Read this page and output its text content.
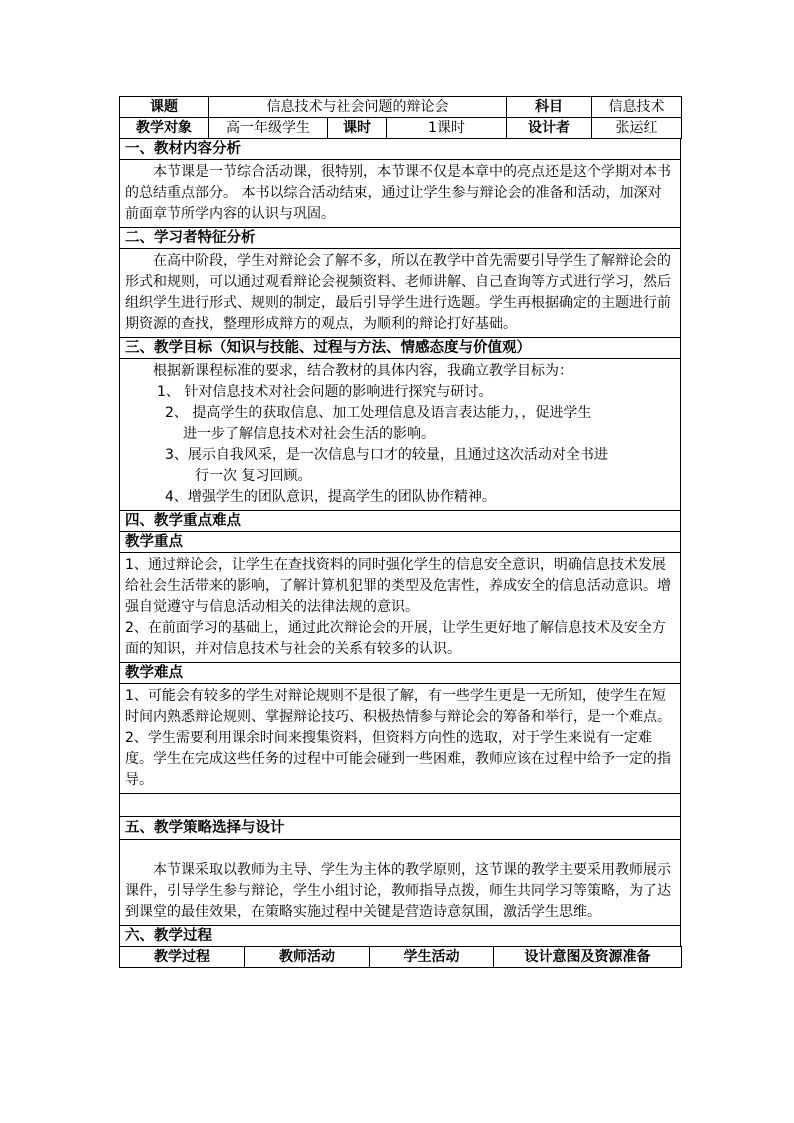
课题	信息技术与社会问题的辩论会			科目	信息技术
教学对象	高一年级学生	课时	1课时	设计者	张运红
一、教材内容分析

本节课是一节综合活动课，很特别，本节课不仅是本章中的亮点还是这个学期对本书的总结重点部分。 本书以综合活动结束，通过让学生参与辩论会的准备和活动，加深对前面章节所学内容的认识与巩固。

二、学习者特征分析

在高中阶段，学生对辩论会了解不多，所以在教学中首先需要引导学生了解辩论会的形式和规则，可以通过观看辩论会视频资料、老师讲解、自己查询等方式进行学习，然后组织学生进行形式、规则的制定，最后引导学生进行选题。学生再根据确定的主题进行前期资源的查找，整理形成辩方的观点，为顺利的辩论打好基础。

三、教学目标（知识与技能、过程与方法、情感态度与价值观）

根据新课程标准的要求，结合教材的具体内容，我确立教学目标为：

1、 针对信息技术对社会问题的影响进行探究与研讨。

2、 提高学生的获取信息、加工处理信息及语言表达能力，，促进学生
进一步了解信息技术对社会生活的影响。

3、展示自我风采，是一次信息与口才的较量，且通过这次活动对全书进
行一次 复习回顾。

4、增强学生的团队意识，提高学生的团队协作精神。

四、教学重点难点
教学重点

1、通过辩论会，让学生在查找资料的同时强化学生的信息安全意识，明确信息技术发展给社会生活带来的影响，了解计算机犯罪的类型及危害性，养成安全的信息活动意识。增强自觉遵守与信息活动相关的法律法规的意识。

2、在前面学习的基础上，通过此次辩论会的开展，让学生更好地了解信息技术及安全方面的知识，并对信息技术与社会的关系有较多的认识。

教学难点

1、可能会有较多的学生对辩论规则不是很了解，有一些学生更是一无所知，使学生在短时间内熟悉辩论规则、掌握辩论技巧、积极热情参与辩论会的筹备和举行，是一个难点。

2、学生需要利用课余时间来搜集资料，但资料方向性的选取，对于学生来说有一定难度。学生在完成这些任务的过程中可能会碰到一些困难，教师应该在过程中给予一定的指导。

五、教学策略选择与设计

本节课采取以教师为主导、学生为主体的教学原则，这节课的教学主要采用教师展示课件，引导学生参与辩论，学生小组讨论，教师指导点拨，师生共同学习等策略，为了达到课堂的最佳效果，在策略实施过程中关键是营造诗意氛围，激活学生思维。

六、教学过程
教学过程	教师活动	学生活动	设计意图及资源准备
